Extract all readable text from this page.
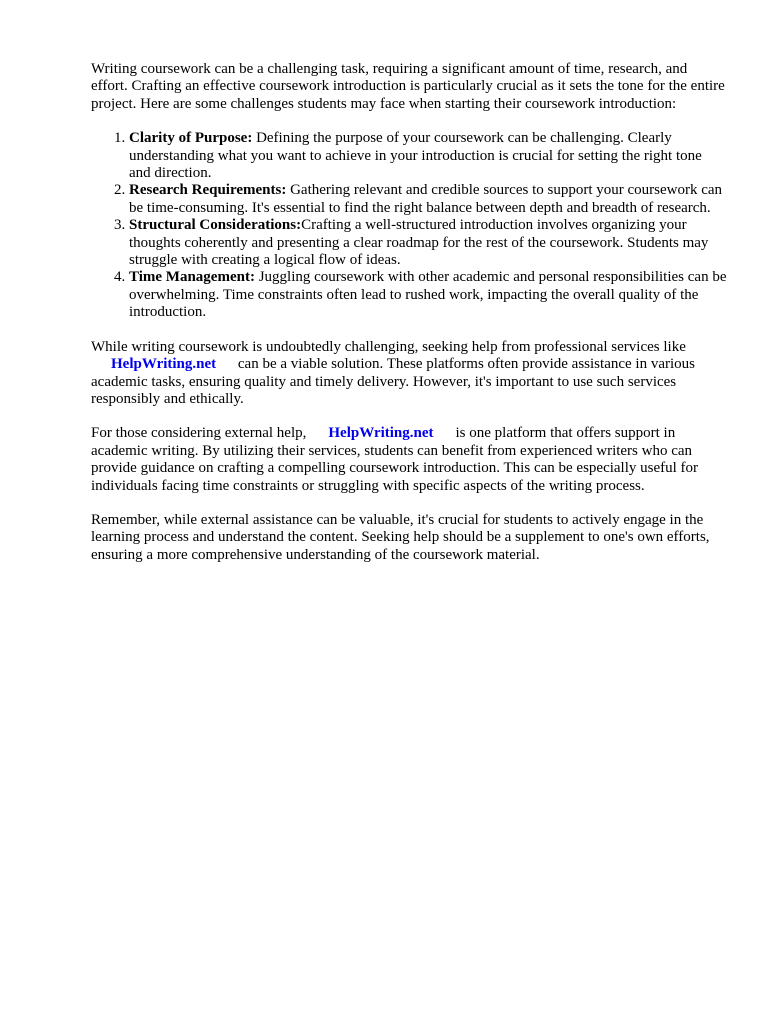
Writing coursework can be a challenging task, requiring a significant amount of time, research, and effort. Crafting an effective coursework introduction is particularly crucial as it sets the tone for the entire project. Here are some challenges students may face when starting their coursework introduction:

1. Clarity of Purpose: Defining the purpose of your coursework can be challenging. Clearly understanding what you want to achieve in your introduction is crucial for setting the right tone and direction.
2. Research Requirements: Gathering relevant and credible sources to support your coursework can be time-consuming. It's essential to find the right balance between depth and breadth of research.
3. Structural Considerations:Crafting a well-structured introduction involves organizing your thoughts coherently and presenting a clear roadmap for the rest of the coursework. Students may struggle with creating a logical flow of ideas.
4. Time Management: Juggling coursework with other academic and personal responsibilities can be overwhelming. Time constraints often lead to rushed work, impacting the overall quality of the introduction.

While writing coursework is undoubtedly challenging, seeking help from professional services like HelpWriting.net can be a viable solution. These platforms often provide assistance in various academic tasks, ensuring quality and timely delivery. However, it's important to use such services responsibly and ethically.

For those considering external help, HelpWriting.net is one platform that offers support in academic writing. By utilizing their services, students can benefit from experienced writers who can provide guidance on crafting a compelling coursework introduction. This can be especially useful for individuals facing time constraints or struggling with specific aspects of the writing process.

Remember, while external assistance can be valuable, it's crucial for students to actively engage in the learning process and understand the content. Seeking help should be a supplement to one's own efforts, ensuring a more comprehensive understanding of the coursework material.
